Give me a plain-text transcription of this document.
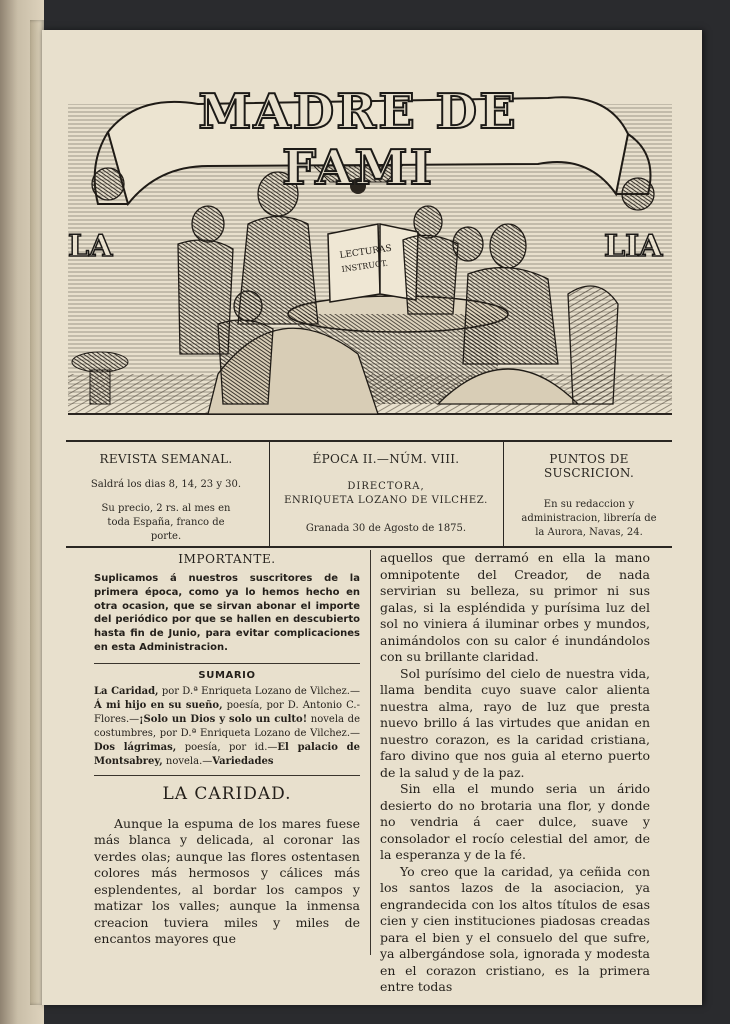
LECTURAS
INSTRUCT.
MADRE DE FAMI
LA	LIA
REVISTA SEMANAL.
Saldrá los dias 8, 14, 23 y 30.
Su precio, 2 rs. al mes en toda España, franco de porte.
ÉPOCA II.—NÚM. VIII.
DIRECTORA,
ENRIQUETA LOZANO DE VILCHEZ.
Granada 30 de Agosto de 1875.
PUNTOS DE SUSCRICION.
En su redaccion y administracion, librería de la Aurora, Navas, 24.
IMPORTANTE.
Suplicamos á nuestros suscritores de la primera época, como ya lo hemos hecho en otra ocasion, que se sirvan abonar el importe del periódico por que se hallen en descubierto hasta fin de Junio, para evitar complicaciones en esta Administracion.
SUMARIO
La Caridad, por D.ª Enriqueta Lozano de Vilchez.— Á mi hijo en su sueño, poesía, por D. Antonio C.-Flores.—¡Solo un Dios y solo un culto! novela de costumbres, por D.ª Enriqueta Lozano de Vilchez.—Dos lágrimas, poesía, por id.—El palacio de Montsabrey, novela.—Variedades
LA CARIDAD.

Aunque la espuma de los mares fuese más blanca y delicada, al coronar las verdes olas; aunque las flores ostentasen colores más hermosos y cálices más esplendentes, al bordar los campos y matizar los valles; aunque la inmensa creacion tuviera miles y miles de encantos mayores que

aquellos que derramó en ella la mano omnipotente del Creador, de nada servirian su belleza, su primor ni sus galas, si la espléndida y purísima luz del sol no viniera á iluminar orbes y mundos, animándolos con su calor é inundándolos con su brillante claridad.

Sol purísimo del cielo de nuestra vida, llama bendita cuyo suave calor alienta nuestra alma, rayo de luz que presta nuevo brillo á las virtudes que anidan en nuestro corazon, es la caridad cristiana, faro divino que nos guia al eterno puerto de la salud y de la paz.

Sin ella el mundo seria un árido desierto do no brotaria una flor, y donde no vendria á caer dulce, suave y consolador el rocío celestial del amor, de la esperanza y de la fé.

Yo creo que la caridad, ya ceñida con los santos lazos de la asociacion, ya engrandecida con los altos títulos de esas cien y cien instituciones piadosas creadas para el bien y el consuelo del que sufre, ya albergándose sola, ignorada y modesta en el corazon cristiano, es la primera entre todas
